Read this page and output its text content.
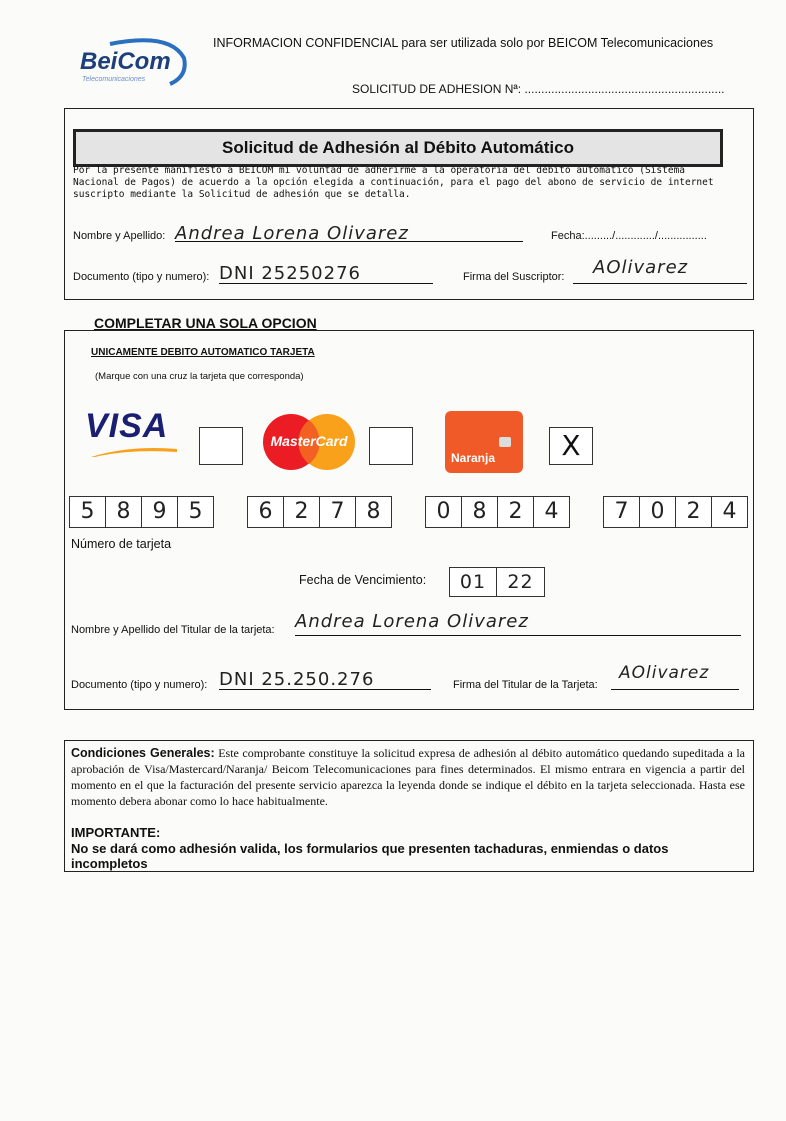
BeiCom
Telecomunicaciones
INFORMACION CONFIDENCIAL para ser utilizada solo por BEICOM Telecomunicaciones
SOLICITUD DE ADHESION Nª: ............................................................
Solicitud de Adhesión al Débito Automático
Por la presente manifiesto a BEICOM mi voluntad de adherirme a la operatoria del débito automático (Sistema Nacional de Pagos) de acuerdo a la opción elegida a continuación, para el pago del abono de servicio de internet suscripto mediante la Solicitud de adhesión que se detalla.
Nombre y Apellido: Andrea Lorena Olivarez	Fecha:........./............./................
Documento (tipo y numero): DNI 25250276	Firma del Suscriptor:	AOlivarez
COMPLETAR UNA SOLA OPCION
UNICAMENTE DEBITO AUTOMATICO TARJETA
(Marque con una cruz la tarjeta que corresponda)
VISA	MasterCard
Naranja	X
5	8	9	5	6	2	7	8	0	8	2	4	7	0	2	4
Número de tarjeta
Fecha de Vencimiento:	01	22
Nombre y Apellido del Titular de la tarjeta: Andrea Lorena Olivarez
Documento (tipo y numero): DNI 25.250.276	Firma del Titular de la Tarjeta:
AOlivarez
Condiciones Generales: Este comprobante constituye la solicitud expresa de adhesión al débito automático quedando supeditada a la aprobación de Visa/Mastercard/Naranja/ Beicom Telecomunicaciones para fines determinados. El mismo entrara en vigencia a partir del momento en el que la facturación del presente servicio aparezca la leyenda donde se indique el débito en la tarjeta seleccionada. Hasta ese momento debera abonar como lo hace habitualmente.
IMPORTANTE:
No se dará como adhesión valida, los formularios que presenten tachaduras, enmiendas o datos incompletos
